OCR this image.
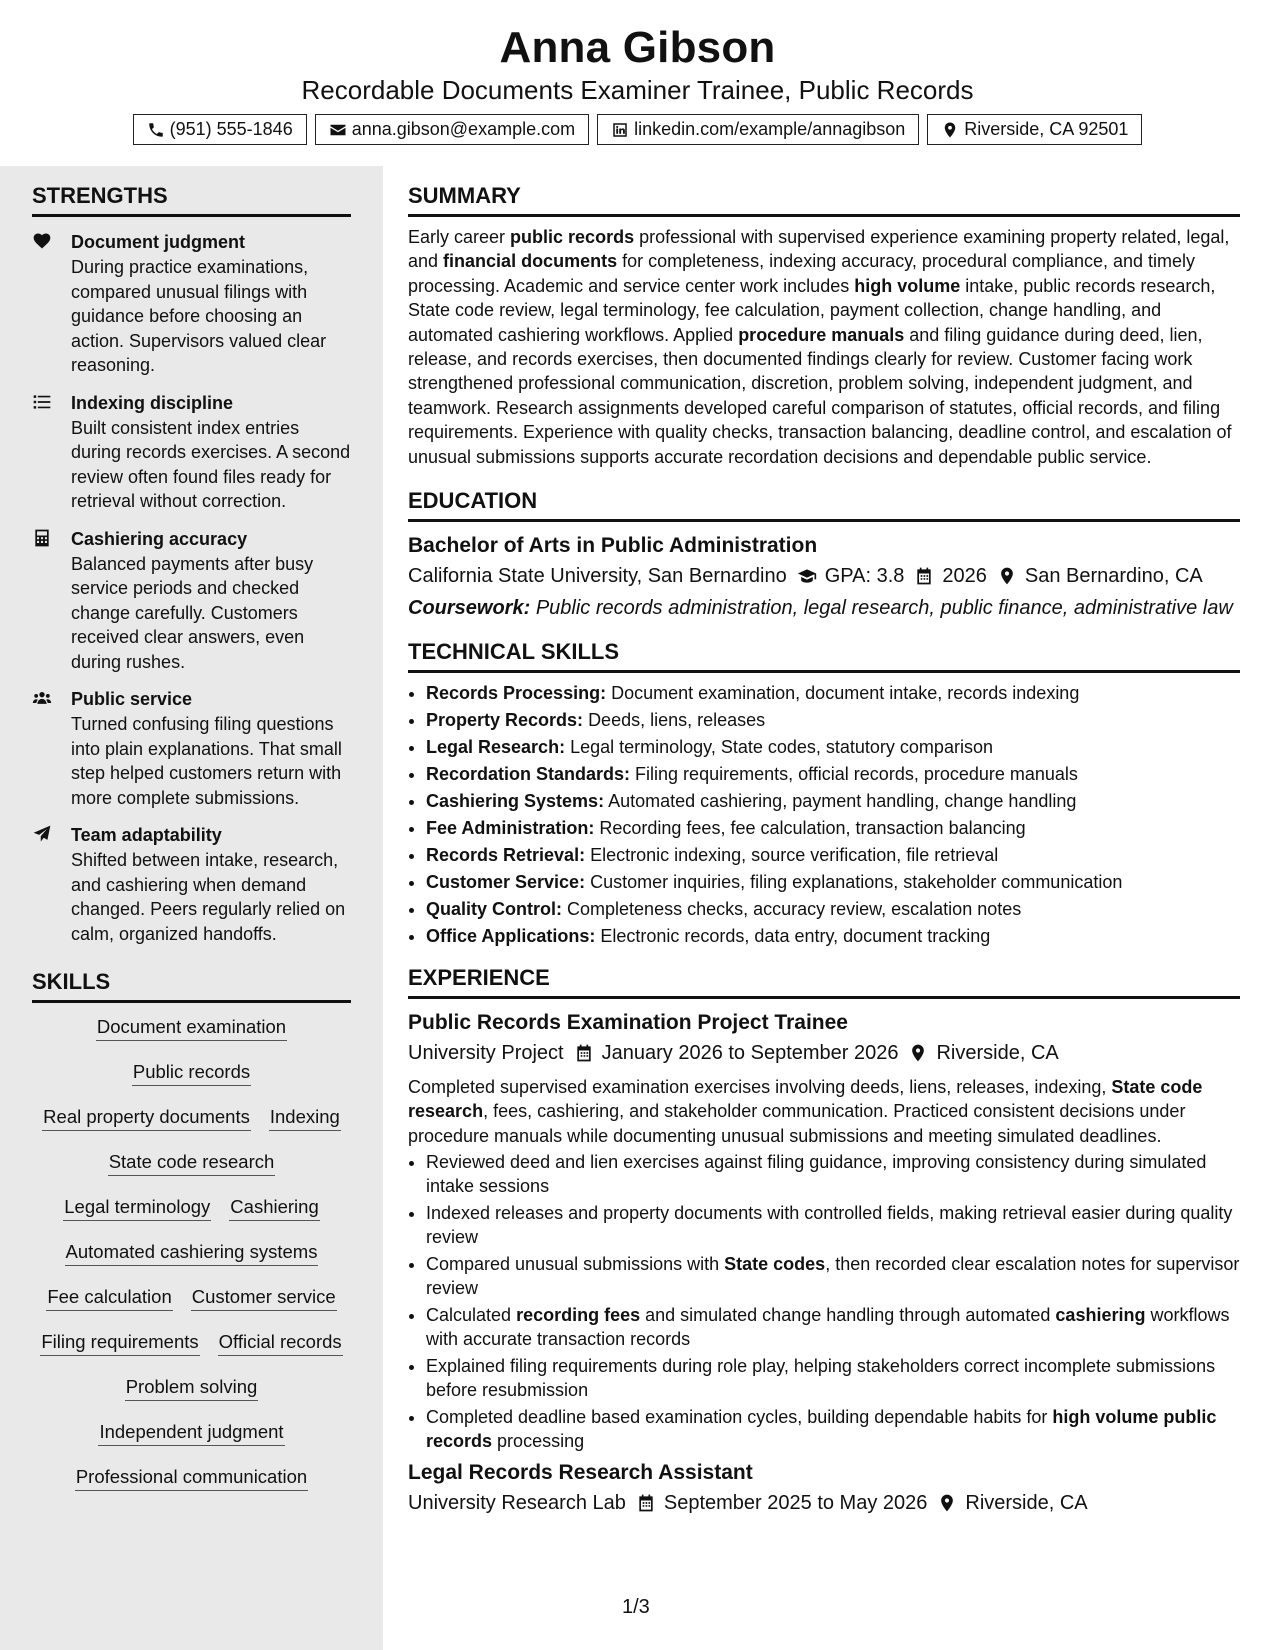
Anna Gibson
Recordable Documents Examiner Trainee, Public Records
(951) 555-1846	anna.gibson@example.com	linkedin.com/example/annagibson	Riverside, CA 92501
STRENGTHS
Document judgment
During practice examinations, compared unusual filings with guidance before choosing an action. Supervisors valued clear reasoning.
Indexing discipline
Built consistent index entries during records exercises. A second review often found files ready for retrieval without correction.
Cashiering accuracy
Balanced payments after busy service periods and checked change carefully. Customers received clear answers, even during rushes.
Public service
Turned confusing filing questions into plain explanations. That small step helped customers return with more complete submissions.
Team adaptability
Shifted between intake, research, and cashiering when demand changed. Peers regularly relied on calm, organized handoffs.
SKILLS
Document examination
Public records
Real property documents Indexing
State code research
Legal terminology Cashiering
Automated cashiering systems
Fee calculation Customer service
Filing requirements Official records
Problem solving
Independent judgment
Professional communication
SUMMARY
Early career public records professional with supervised experience examining property related, legal, and financial documents for completeness, indexing accuracy, procedural compliance, and timely processing. Academic and service center work includes high volume intake, public records research, State code review, legal terminology, fee calculation, payment collection, change handling, and automated cashiering workflows. Applied procedure manuals and filing guidance during deed, lien, release, and records exercises, then documented findings clearly for review. Customer facing work strengthened professional communication, discretion, problem solving, independent judgment, and teamwork. Research assignments developed careful comparison of statutes, official records, and filing requirements. Experience with quality checks, transaction balancing, deadline control, and escalation of unusual submissions supports accurate recordation decisions and dependable public service.
EDUCATION
Bachelor of Arts in Public Administration
California State University, San Bernardino GPA: 3.8 2026 San Bernardino, CA
Coursework: Public records administration, legal research, public finance, administrative law
TECHNICAL SKILLS
• Records Processing: Document examination, document intake, records indexing
• Property Records: Deeds, liens, releases
• Legal Research: Legal terminology, State codes, statutory comparison
• Recordation Standards: Filing requirements, official records, procedure manuals
• Cashiering Systems: Automated cashiering, payment handling, change handling
• Fee Administration: Recording fees, fee calculation, transaction balancing
• Records Retrieval: Electronic indexing, source verification, file retrieval
• Customer Service: Customer inquiries, filing explanations, stakeholder communication
• Quality Control: Completeness checks, accuracy review, escalation notes
• Office Applications: Electronic records, data entry, document tracking
EXPERIENCE
Public Records Examination Project Trainee
University Project January 2026 to September 2026 Riverside, CA
Completed supervised examination exercises involving deeds, liens, releases, indexing, State code research, fees, cashiering, and stakeholder communication. Practiced consistent decisions under procedure manuals while documenting unusual submissions and meeting simulated deadlines.
• Reviewed deed and lien exercises against filing guidance, improving consistency during simulated intake sessions
• Indexed releases and property documents with controlled fields, making retrieval easier during quality review
• Compared unusual submissions with State codes, then recorded clear escalation notes for supervisor review
• Calculated recording fees and simulated change handling through automated cashiering workflows with accurate transaction records
• Explained filing requirements during role play, helping stakeholders correct incomplete submissions before resubmission
• Completed deadline based examination cycles, building dependable habits for high volume public records processing
Legal Records Research Assistant
University Research Lab September 2025 to May 2026 Riverside, CA
1/3
